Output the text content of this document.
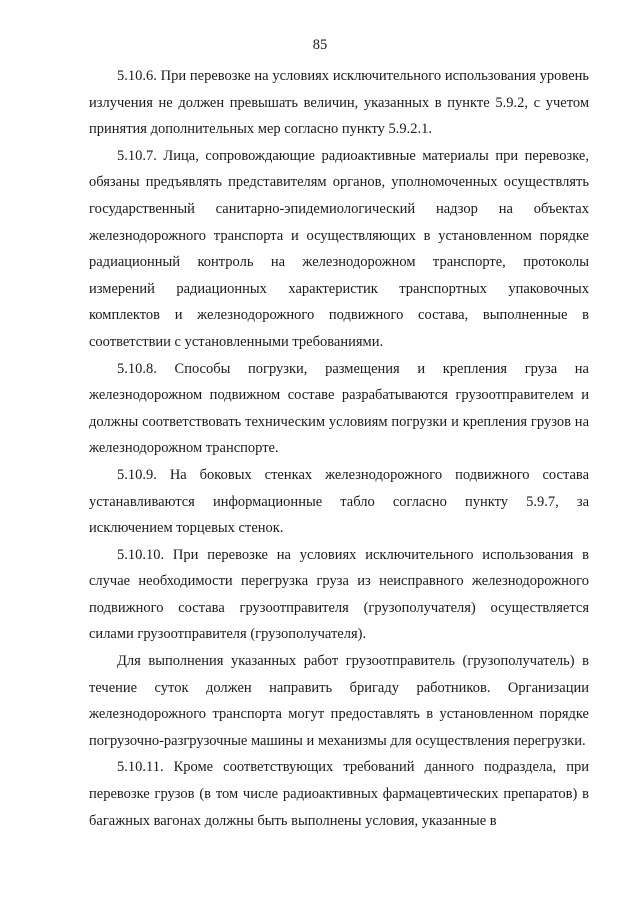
85

5.10.6. При перевозке на условиях исключительного использования уровень излучения не должен превышать величин, указанных в пункте 5.9.2, с учетом принятия дополнительных мер согласно пункту 5.9.2.1.

5.10.7. Лица, сопровождающие радиоактивные материалы при перевозке, обязаны предъявлять представителям органов, уполномоченных осуществлять государственный санитарно-эпидемиологический надзор на объектах железнодорожного транспорта и осуществляющих в установленном порядке радиационный контроль на железнодорожном транспорте, протоколы измерений радиационных характеристик транспортных упаковочных комплектов и железнодорожного подвижного состава, выполненные в соответствии с установленными требованиями.

5.10.8. Способы погрузки, размещения и крепления груза на железнодорожном подвижном составе разрабатываются грузоотправителем и должны соответствовать техническим условиям погрузки и крепления грузов на железнодорожном транспорте.

5.10.9. На боковых стенках железнодорожного подвижного состава устанавливаются информационные табло согласно пункту 5.9.7, за исключением торцевых стенок.

5.10.10. При перевозке на условиях исключительного использования в случае необходимости перегрузка груза из неисправного железнодорожного подвижного состава грузоотправителя (грузополучателя) осуществляется силами грузоотправителя (грузополучателя).

Для выполнения указанных работ грузоотправитель (грузополучатель) в течение суток должен направить бригаду работников. Организации железнодорожного транспорта могут предоставлять в установленном порядке погрузочно-разгрузочные машины и механизмы для осуществления перегрузки.

5.10.11. Кроме соответствующих требований данного подраздела, при перевозке грузов (в том числе радиоактивных фармацевтических препаратов) в багажных вагонах должны быть выполнены условия, указанные в
